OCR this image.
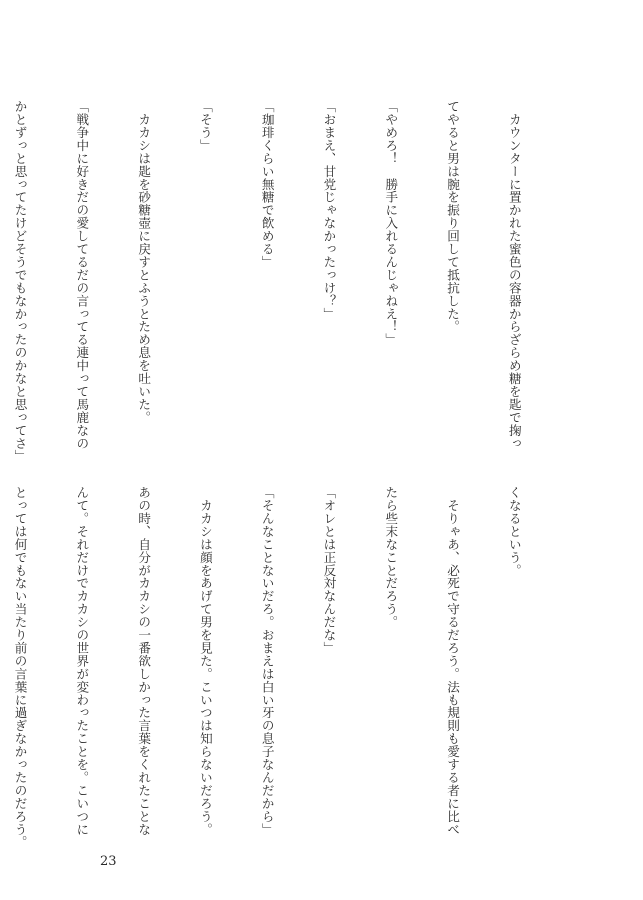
　カウンターに置かれた蜜色の容器からざらめ糖を匙で掬っ

てやると男は腕を振り回して抵抗した。

「やめろ！　勝手に入れるんじゃねえ！」

「おまえ、甘党じゃなかったっけ？」

「珈琲くらい無糖で飲める」

「そう」

　カカシは匙を砂糖壺に戻すとふうとため息を吐いた。

「戦争中に好きだの愛してるだの言ってる連中って馬鹿なの

かとずっと思ってたけどそうでもなかったのかなと思ってさ」

くなるという。

　そりゃあ、必死で守るだろう。法も規則も愛する者に比べ

たら些末なことだろう。

「オレとは正反対なんだな」

「そんなことないだろ。おまえは白い牙の息子なんだから」

　カカシは顔をあげて男を見た。こいつは知らないだろう。

あの時、自分がカカシの一番欲しかった言葉をくれたことな

んて。それだけでカカシの世界が変わったことを。こいつに

とっては何でもない当たり前の言葉に過ぎなかったのだろう。

23
